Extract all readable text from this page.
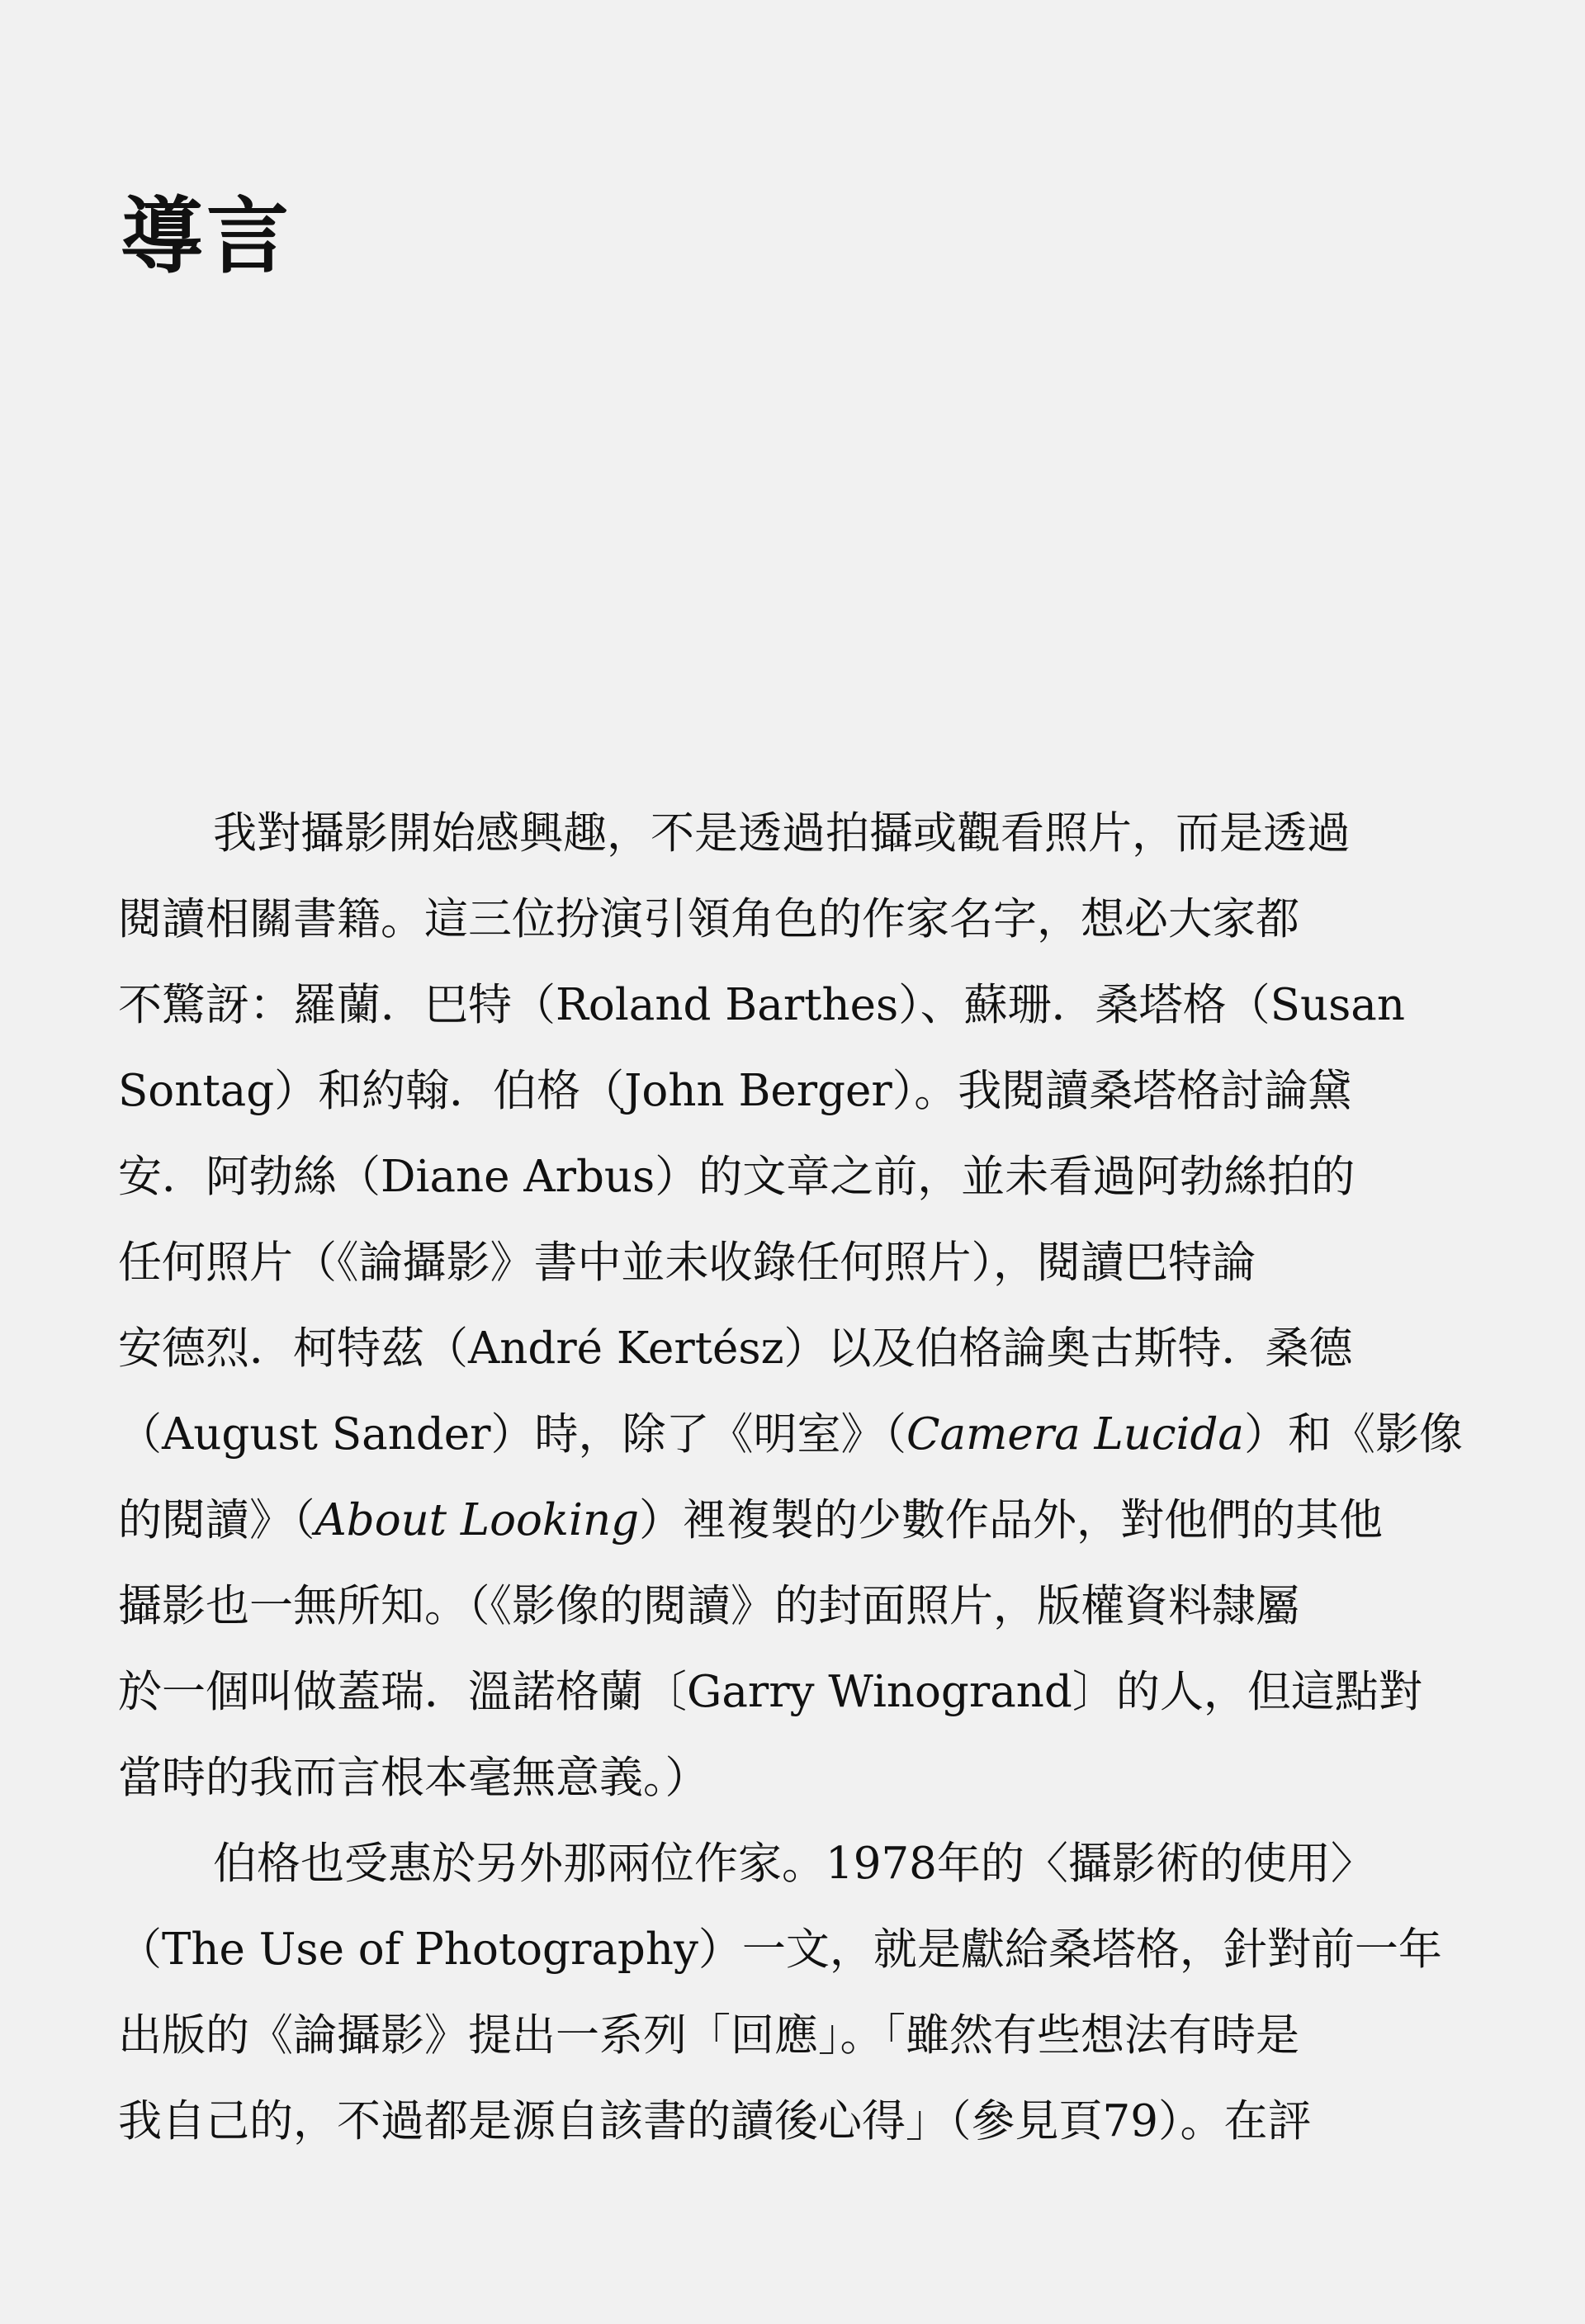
導言

我對攝影開始感興趣，不是透過拍攝或觀看照片，而是透過
閱讀相關書籍。這三位扮演引領角色的作家名字，想必大家都
不驚訝：羅蘭．巴特（Roland Barthes）、蘇珊．桑塔格（Susan
Sontag）和約翰．伯格（John Berger）。我閱讀桑塔格討論黛
安．阿勃絲（Diane Arbus）的文章之前，並未看過阿勃絲拍的
任何照片（《論攝影》書中並未收錄任何照片），閱讀巴特論
安德烈．柯特茲（André Kertész）以及伯格論奧古斯特．桑德
（August Sander）時，除了《明室》（Camera Lucida）和《影像
的閱讀》（About Looking）裡複製的少數作品外，對他們的其他
攝影也一無所知。（《影像的閱讀》的封面照片，版權資料隸屬
於一個叫做蓋瑞．溫諾格蘭〔Garry Winogrand〕的人，但這點對
當時的我而言根本毫無意義。）

伯格也受惠於另外那兩位作家。1978年的〈攝影術的使用〉
（The Use of Photography）一文，就是獻給桑塔格，針對前一年
出版的《論攝影》提出一系列「回應」。「雖然有些想法有時是
我自己的，不過都是源自該書的讀後心得」（參見頁79）。在評
